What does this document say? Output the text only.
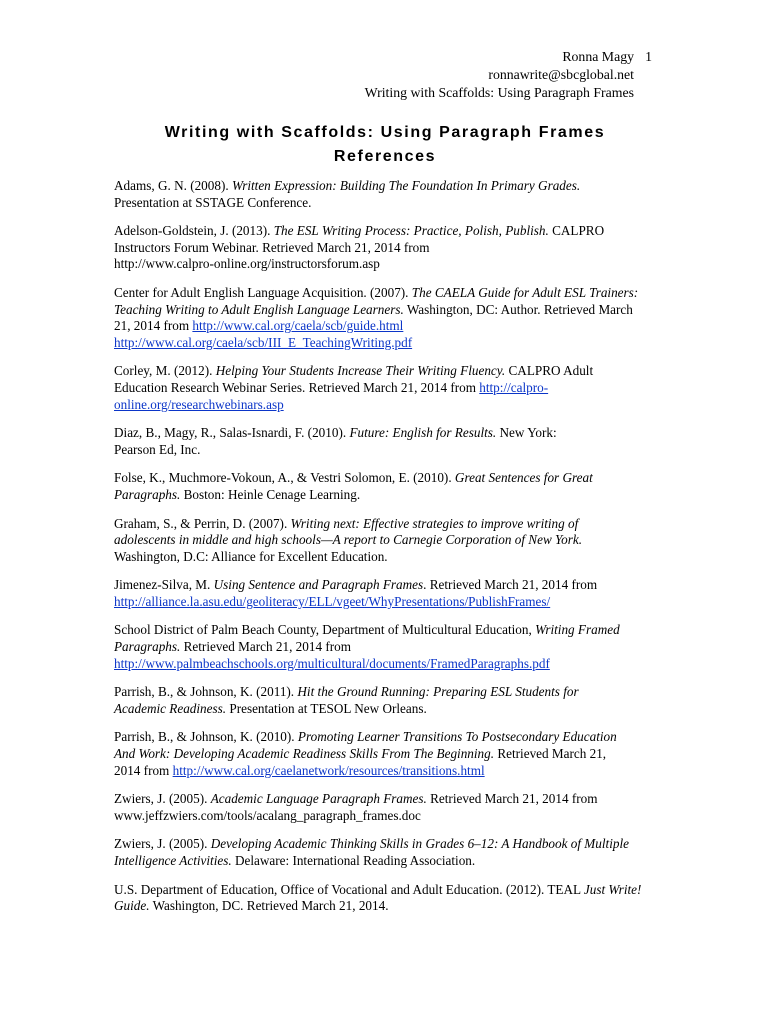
Ronna Magy 1
ronnawrite@sbcglobal.net
Writing with Scaffolds: Using Paragraph Frames
Writing with Scaffolds: Using Paragraph Frames
References
Adams, G. N. (2008). Written Expression: Building The Foundation In Primary Grades.
Presentation at SSTAGE Conference.
Adelson-Goldstein, J. (2013). The ESL Writing Process: Practice, Polish, Publish. CALPRO
Instructors Forum Webinar. Retrieved March 21, 2014 from
http://www.calpro-online.org/instructorsforum.asp
Center for Adult English Language Acquisition. (2007). The CAELA Guide for Adult ESL Trainers:
Teaching Writing to Adult English Language Learners. Washington, DC: Author. Retrieved March
21, 2014 from http://www.cal.org/caela/scb/guide.html
http://www.cal.org/caela/scb/III_E_TeachingWriting.pdf
Corley, M. (2012). Helping Your Students Increase Their Writing Fluency. CALPRO Adult
Education Research Webinar Series. Retrieved March 21, 2014 from http://calpro-
online.org/researchwebinars.asp
Diaz, B., Magy, R., Salas-Isnardi, F. (2010). Future: English for Results. New York:
Pearson Ed, Inc.
Folse, K., Muchmore-Vokoun, A., & Vestri Solomon, E. (2010). Great Sentences for Great
Paragraphs. Boston: Heinle Cenage Learning.
Graham, S., & Perrin, D. (2007). Writing next: Effective strategies to improve writing of
adolescents in middle and high schools—A report to Carnegie Corporation of New York.
Washington, D.C: Alliance for Excellent Education.
Jimenez-Silva, M. Using Sentence and Paragraph Frames. Retrieved March 21, 2014 from
http://alliance.la.asu.edu/geoliteracy/ELL/vgeet/WhyPresentations/PublishFrames/
School District of Palm Beach County, Department of Multicultural Education, Writing Framed
Paragraphs. Retrieved March 21, 2014 from
http://www.palmbeachschools.org/multicultural/documents/FramedParagraphs.pdf
Parrish, B., & Johnson, K. (2011). Hit the Ground Running: Preparing ESL Students for
Academic Readiness. Presentation at TESOL New Orleans.
Parrish, B., & Johnson, K. (2010). Promoting Learner Transitions To Postsecondary Education
And Work: Developing Academic Readiness Skills From The Beginning. Retrieved March 21,
2014 from http://www.cal.org/caelanetwork/resources/transitions.html
Zwiers, J. (2005). Academic Language Paragraph Frames. Retrieved March 21, 2014 from
www.jeffzwiers.com/tools/acalang_paragraph_frames.doc
Zwiers, J. (2005). Developing Academic Thinking Skills in Grades 6–12: A Handbook of Multiple
Intelligence Activities. Delaware: International Reading Association.
U.S. Department of Education, Office of Vocational and Adult Education. (2012). TEAL Just Write!
Guide. Washington, DC. Retrieved March 21, 2014.
